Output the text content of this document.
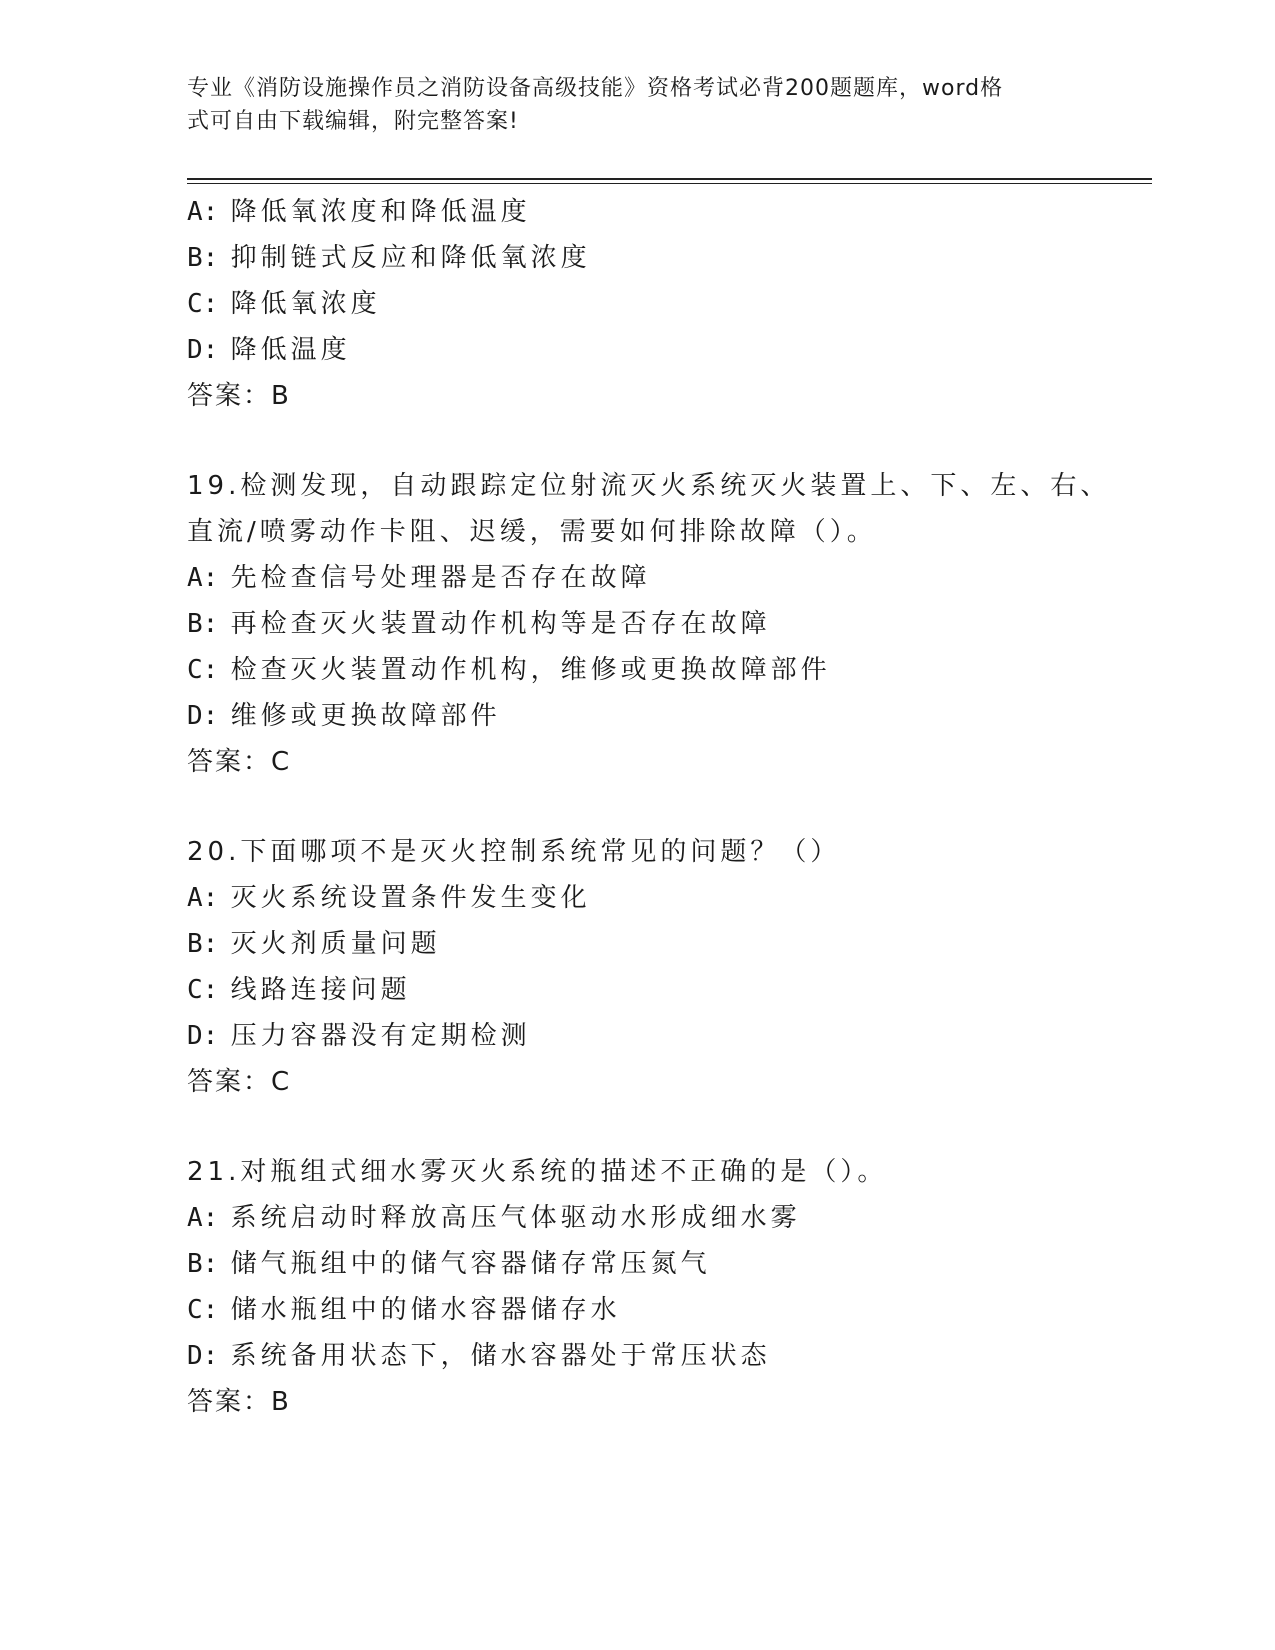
专业《消防设施操作员之消防设备高级技能》资格考试必背200题题库，word格
式可自由下载编辑，附完整答案!
A: 降低氧浓度和降低温度
B: 抑制链式反应和降低氧浓度
C: 降低氧浓度
D: 降低温度
答案：B
19.检测发现，自动跟踪定位射流灭火系统灭火装置上、下、左、右、
直流/喷雾动作卡阻、迟缓，需要如何排除故障（）。
A: 先检查信号处理器是否存在故障
B: 再检查灭火装置动作机构等是否存在故障
C: 检查灭火装置动作机构，维修或更换故障部件
D: 维修或更换故障部件
答案：C
20.下面哪项不是灭火控制系统常见的问题？（）
A: 灭火系统设置条件发生变化
B: 灭火剂质量问题
C: 线路连接问题
D: 压力容器没有定期检测
答案：C
21.对瓶组式细水雾灭火系统的描述不正确的是（）。
A: 系统启动时释放高压气体驱动水形成细水雾
B: 储气瓶组中的储气容器储存常压氮气
C: 储水瓶组中的储水容器储存水
D: 系统备用状态下，储水容器处于常压状态
答案：B
